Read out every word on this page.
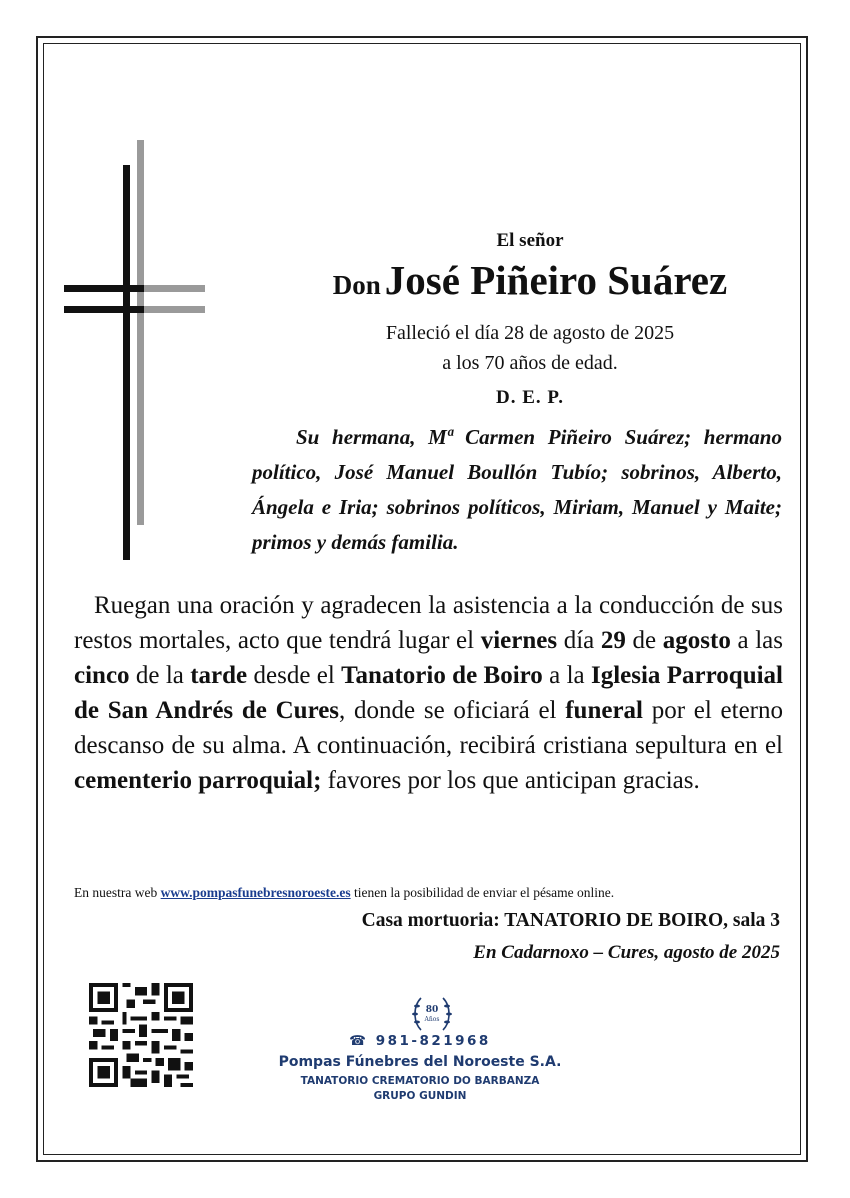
El señor
Don José Piñeiro Suárez
Falleció el día 28 de agosto de 2025
a los 70 años de edad.
D. E. P.
Su hermana, Mª Carmen Piñeiro Suárez; hermano político, José Manuel Boullón Tubío; sobrinos, Alberto, Ángela e Iria; sobrinos políticos, Miriam, Manuel y Maite; primos y demás familia.
Ruegan una oración y agradecen la asistencia a la conducción de sus restos mortales, acto que tendrá lugar el viernes día 29 de agosto a las cinco de la tarde desde el Tanatorio de Boiro a la Iglesia Parroquial de San Andrés de Cures, donde se oficiará el funeral por el eterno descanso de su alma. A continuación, recibirá cristiana sepultura en el cementerio parroquial; favores por los que anticipan gracias.
En nuestra web www.pompasfunebresnoroeste.es tienen la posibilidad de enviar el pésame online.
Casa mortuoria: TANATORIO DE BOIRO, sala 3
En Cadarnoxo – Cures, agosto de 2025
80
Años
☎ 981-821968
Pompas Fúnebres del Noroeste S.A.
TANATORIO CREMATORIO DO BARBANZA
GRUPO GUNDIN
